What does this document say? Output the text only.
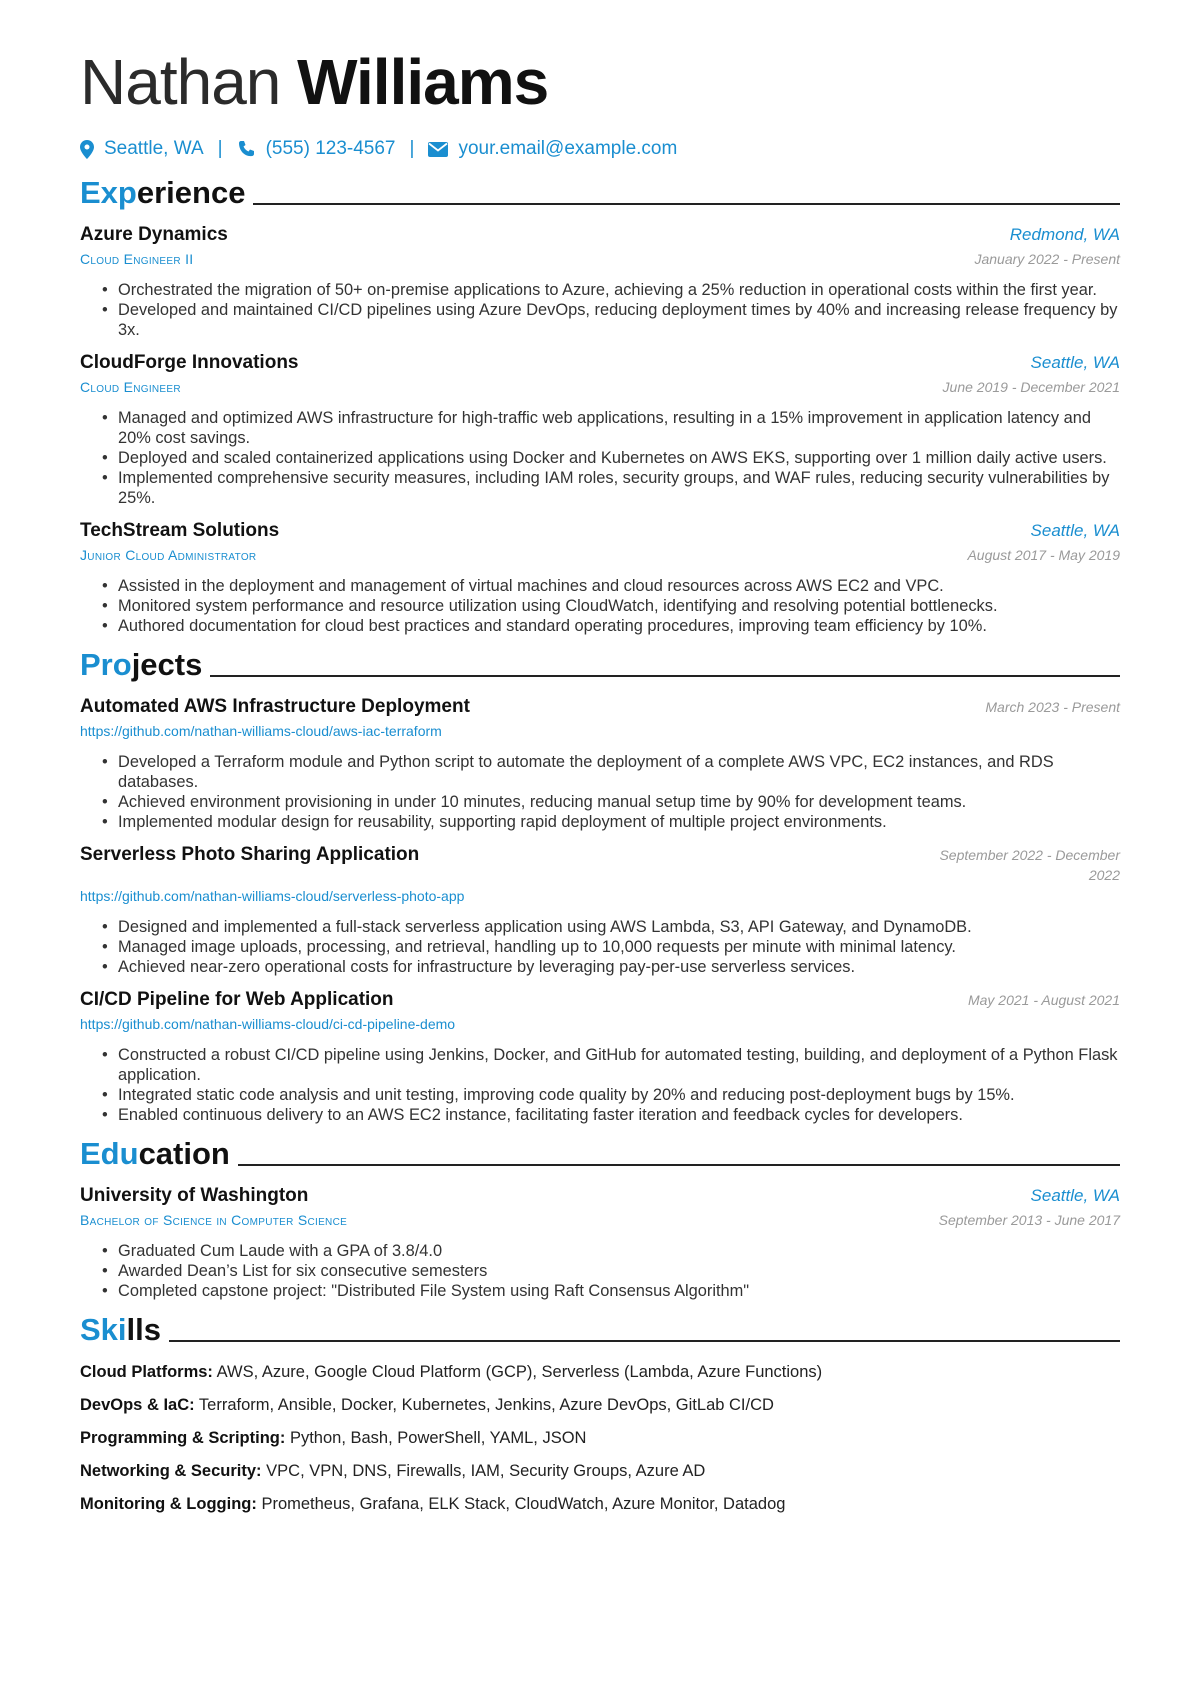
Nathan Williams
Seattle, WA | (555) 123-4567 | your.email@example.com
Experience
Azure Dynamics	Redmond, WA
Cloud Engineer II	January 2022 - Present
• Orchestrated the migration of 50+ on-premise applications to Azure, achieving a 25% reduction in operational costs within the first year.
• Developed and maintained CI/CD pipelines using Azure DevOps, reducing deployment times by 40% and increasing release frequency by 3x.
CloudForge Innovations	Seattle, WA
Cloud Engineer	June 2019 - December 2021
• Managed and optimized AWS infrastructure for high-traffic web applications, resulting in a 15% improvement in application latency and 20% cost savings.
• Deployed and scaled containerized applications using Docker and Kubernetes on AWS EKS, supporting over 1 million daily active users.
• Implemented comprehensive security measures, including IAM roles, security groups, and WAF rules, reducing security vulnerabilities by 25%.
TechStream Solutions	Seattle, WA
Junior Cloud Administrator	August 2017 - May 2019
• Assisted in the deployment and management of virtual machines and cloud resources across AWS EC2 and VPC.
• Monitored system performance and resource utilization using CloudWatch, identifying and resolving potential bottlenecks.
• Authored documentation for cloud best practices and standard operating procedures, improving team efficiency by 10%.
Projects
Automated AWS Infrastructure Deployment	March 2023 - Present
https://github.com/nathan-williams-cloud/aws-iac-terraform
• Developed a Terraform module and Python script to automate the deployment of a complete AWS VPC, EC2 instances, and RDS databases.
• Achieved environment provisioning in under 10 minutes, reducing manual setup time by 90% for development teams.
• Implemented modular design for reusability, supporting rapid deployment of multiple project environments.
Serverless Photo Sharing Application	September 2022 - December 2022
https://github.com/nathan-williams-cloud/serverless-photo-app
• Designed and implemented a full-stack serverless application using AWS Lambda, S3, API Gateway, and DynamoDB.
• Managed image uploads, processing, and retrieval, handling up to 10,000 requests per minute with minimal latency.
• Achieved near-zero operational costs for infrastructure by leveraging pay-per-use serverless services.
CI/CD Pipeline for Web Application	May 2021 - August 2021
https://github.com/nathan-williams-cloud/ci-cd-pipeline-demo
• Constructed a robust CI/CD pipeline using Jenkins, Docker, and GitHub for automated testing, building, and deployment of a Python Flask application.
• Integrated static code analysis and unit testing, improving code quality by 20% and reducing post-deployment bugs by 15%.
• Enabled continuous delivery to an AWS EC2 instance, facilitating faster iteration and feedback cycles for developers.
Education
University of Washington	Seattle, WA
Bachelor of Science in Computer Science	September 2013 - June 2017
• Graduated Cum Laude with a GPA of 3.8/4.0
• Awarded Dean’s List for six consecutive semesters
• Completed capstone project: "Distributed File System using Raft Consensus Algorithm"
Skills
Cloud Platforms: AWS, Azure, Google Cloud Platform (GCP), Serverless (Lambda, Azure Functions)
DevOps & IaC: Terraform, Ansible, Docker, Kubernetes, Jenkins, Azure DevOps, GitLab CI/CD
Programming & Scripting: Python, Bash, PowerShell, YAML, JSON
Networking & Security: VPC, VPN, DNS, Firewalls, IAM, Security Groups, Azure AD
Monitoring & Logging: Prometheus, Grafana, ELK Stack, CloudWatch, Azure Monitor, Datadog
